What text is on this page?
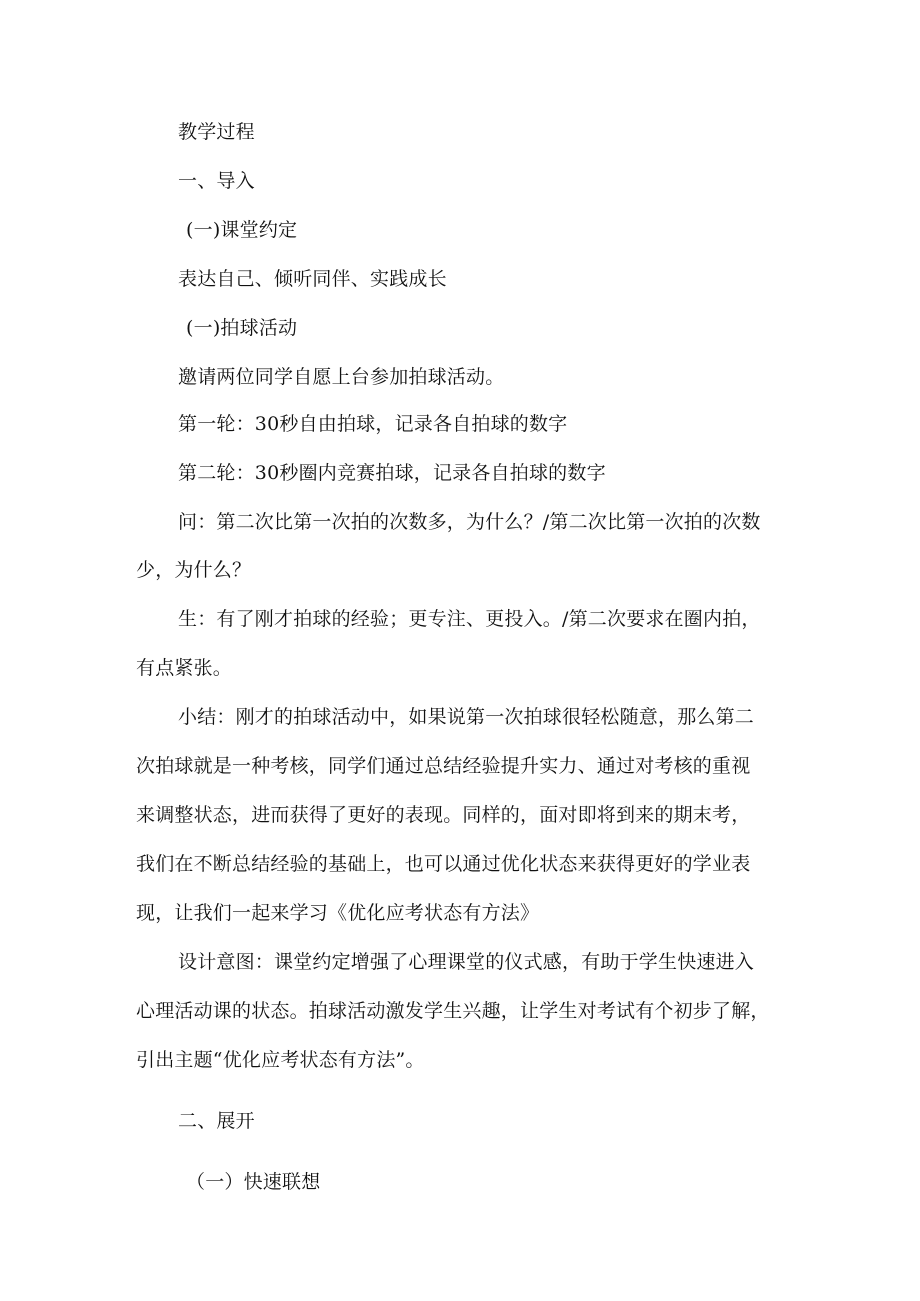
教学过程
一、导入
(一)课堂约定
表达自己、倾听同伴、实践成长
(一)拍球活动
邀请两位同学自愿上台参加拍球活动。
第一轮：30秒自由拍球，记录各自拍球的数字
第二轮：30秒圈内竞赛拍球，记录各自拍球的数字
问：第二次比第一次拍的次数多，为什么？/第二次比第一次拍的次数
少，为什么？
生：有了刚才拍球的经验；更专注、更投入。/第二次要求在圈内拍，
有点紧张。
小结：刚才的拍球活动中，如果说第一次拍球很轻松随意，那么第二
次拍球就是一种考核，同学们通过总结经验提升实力、通过对考核的重视
来调整状态，进而获得了更好的表现。同样的，面对即将到来的期末考，
我们在不断总结经验的基础上，也可以通过优化状态来获得更好的学业表
现，让我们一起来学习《优化应考状态有方法》
设计意图：课堂约定增强了心理课堂的仪式感，有助于学生快速进入
心理活动课的状态。拍球活动激发学生兴趣，让学生对考试有个初步了解，
引出主题“优化应考状态有方法”。
二、展开
（一）快速联想
